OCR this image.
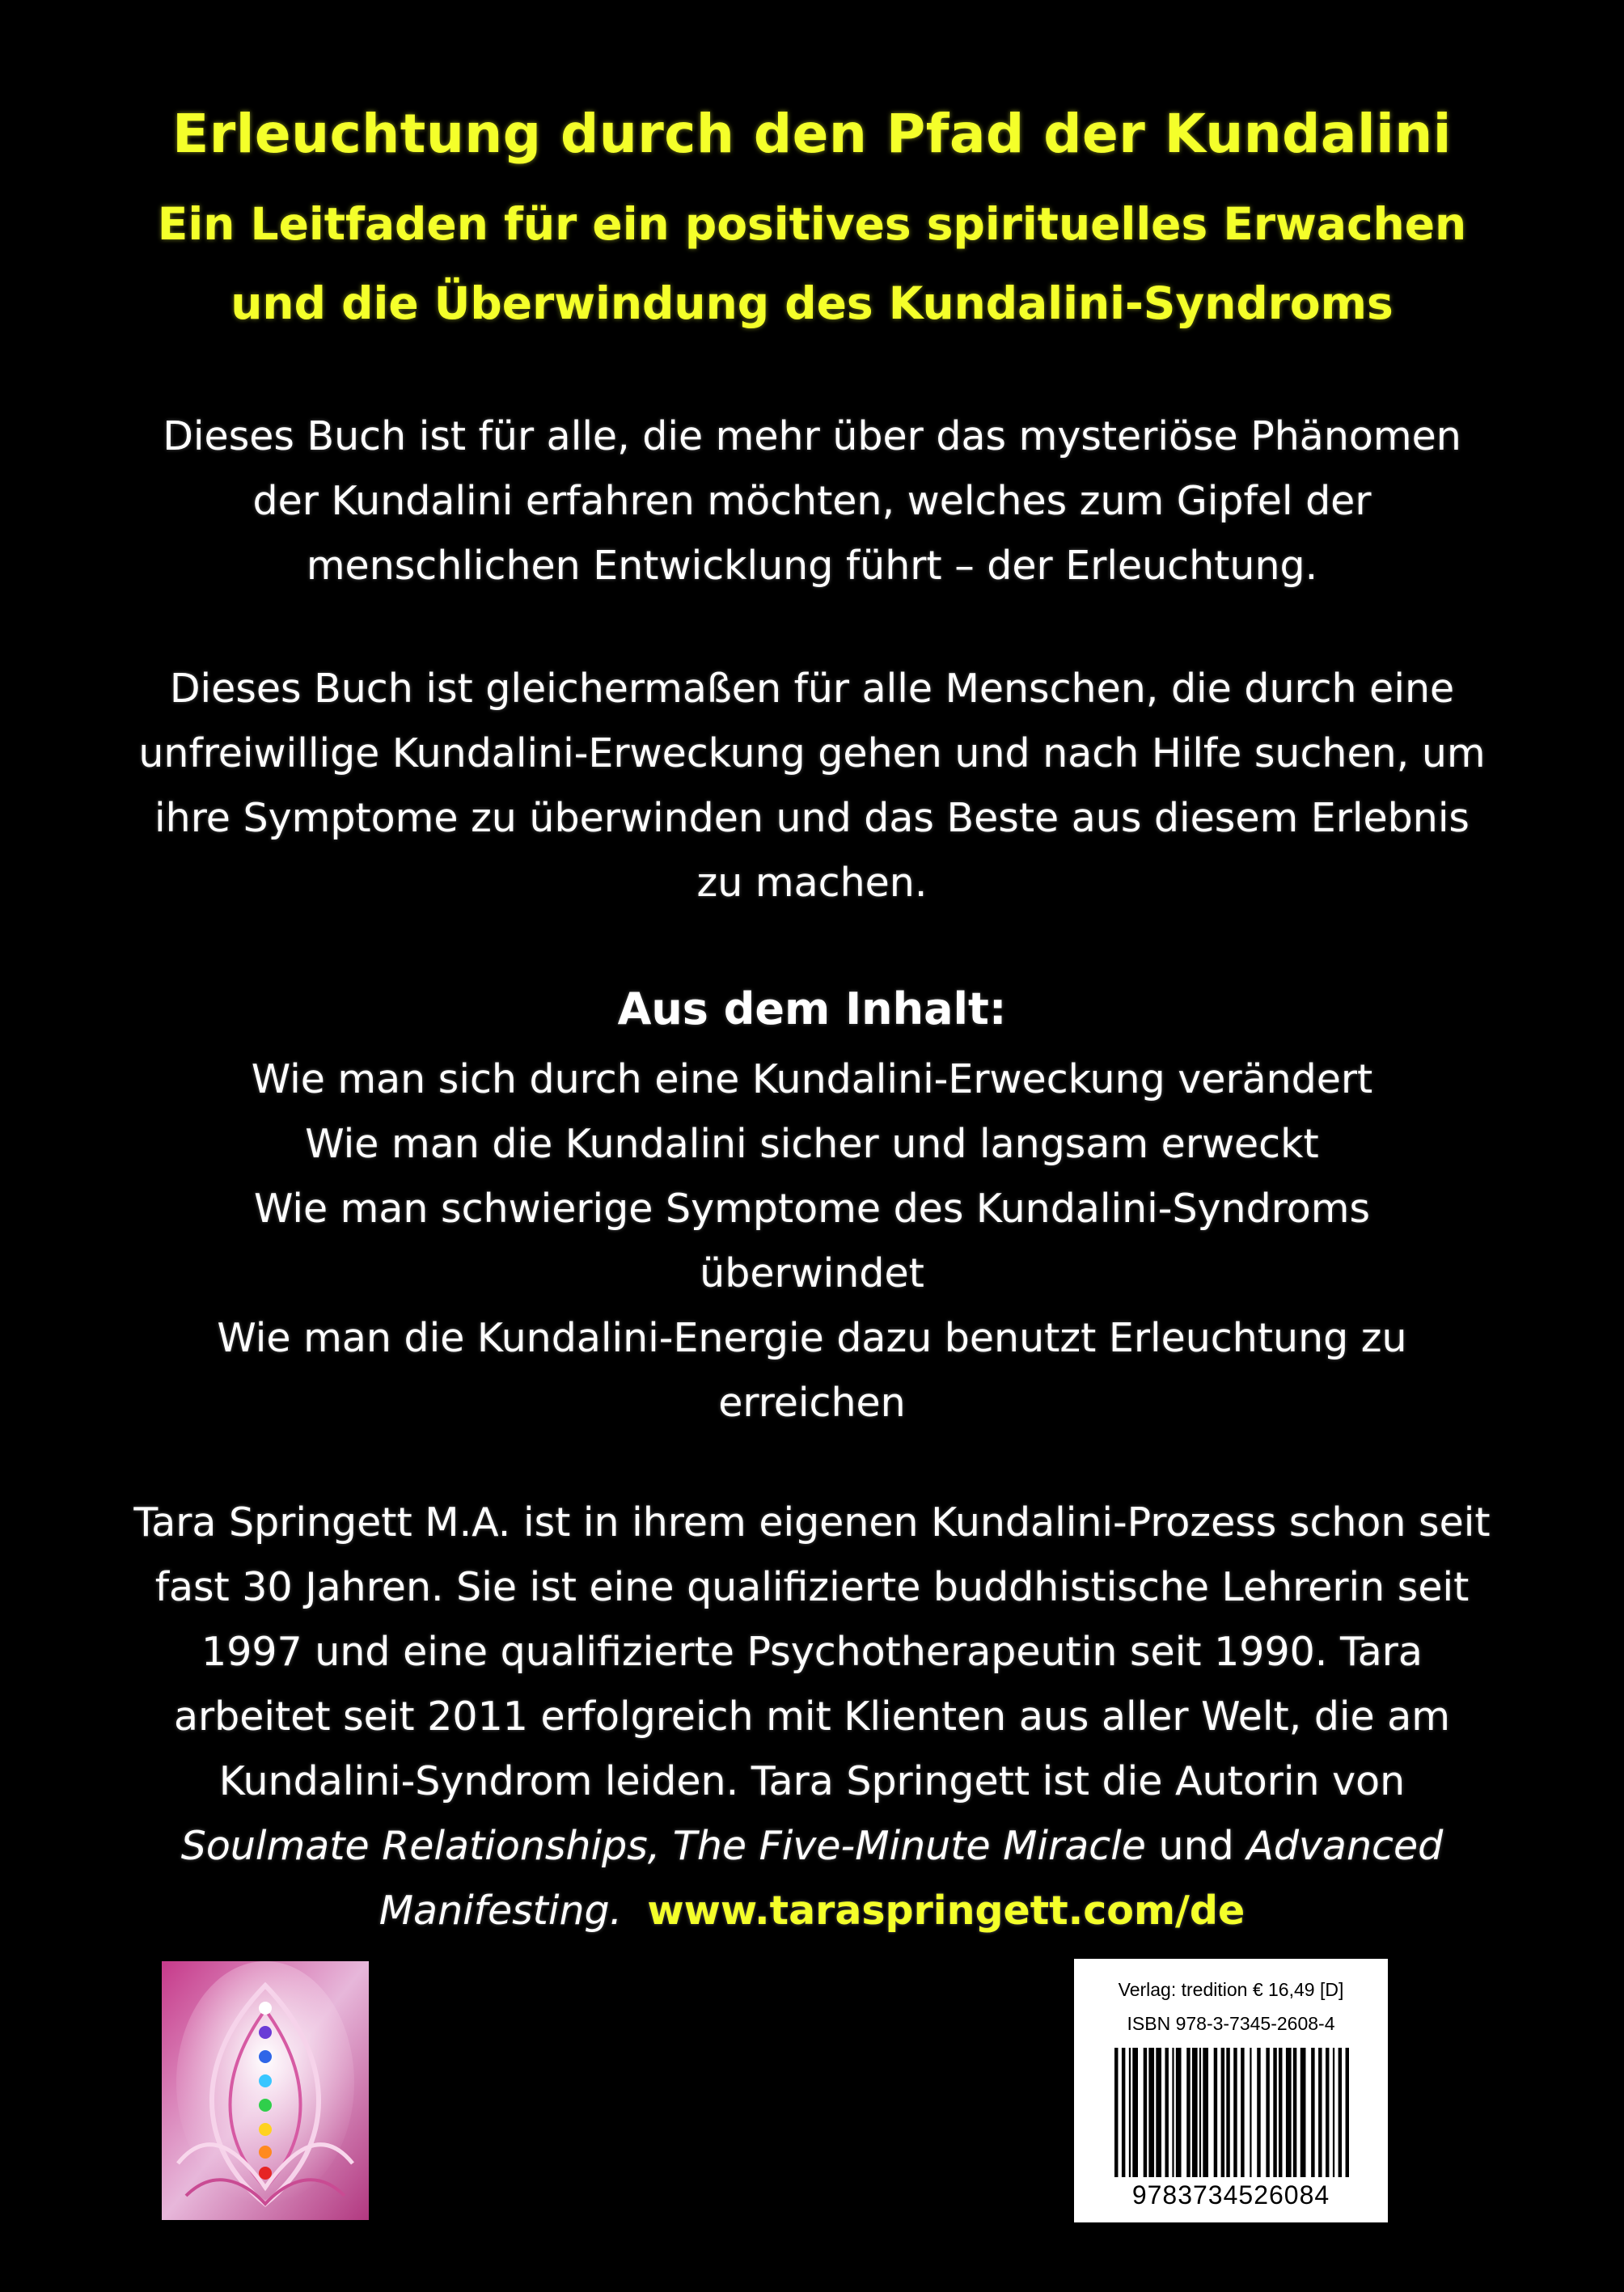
Erleuchtung durch den Pfad der Kundalini
Ein Leitfaden für ein positives spirituelles Erwachen
und die Überwindung des Kundalini-Syndroms
Dieses Buch ist für alle, die mehr über das mysteriöse Phänomen
der Kundalini erfahren möchten, welches zum Gipfel der
menschlichen Entwicklung führt – der Erleuchtung.
Dieses Buch ist gleichermaßen für alle Menschen, die durch eine
unfreiwillige Kundalini-Erweckung gehen und nach Hilfe suchen, um
ihre Symptome zu überwinden und das Beste aus diesem Erlebnis
zu machen.
Aus dem Inhalt:
Wie man sich durch eine Kundalini-Erweckung verändert
Wie man die Kundalini sicher und langsam erweckt
Wie man schwierige Symptome des Kundalini-Syndroms
überwindet
Wie man die Kundalini-Energie dazu benutzt Erleuchtung zu
erreichen
Tara Springett M.A. ist in ihrem eigenen Kundalini-Prozess schon seit
fast 30 Jahren. Sie ist eine qualifizierte buddhistische Lehrerin seit
1997 und eine qualifizierte Psychotherapeutin seit 1990. Tara
arbeitet seit 2011 erfolgreich mit Klienten aus aller Welt, die am
Kundalini-Syndrom leiden. Tara Springett ist die Autorin von
Soulmate Relationships, The Five-Minute Miracle und Advanced
Manifesting. www.taraspringett.com/de
Verlag: tredition € 16,49 [D]
ISBN 978-3-7345-2608-4
9783734526084
